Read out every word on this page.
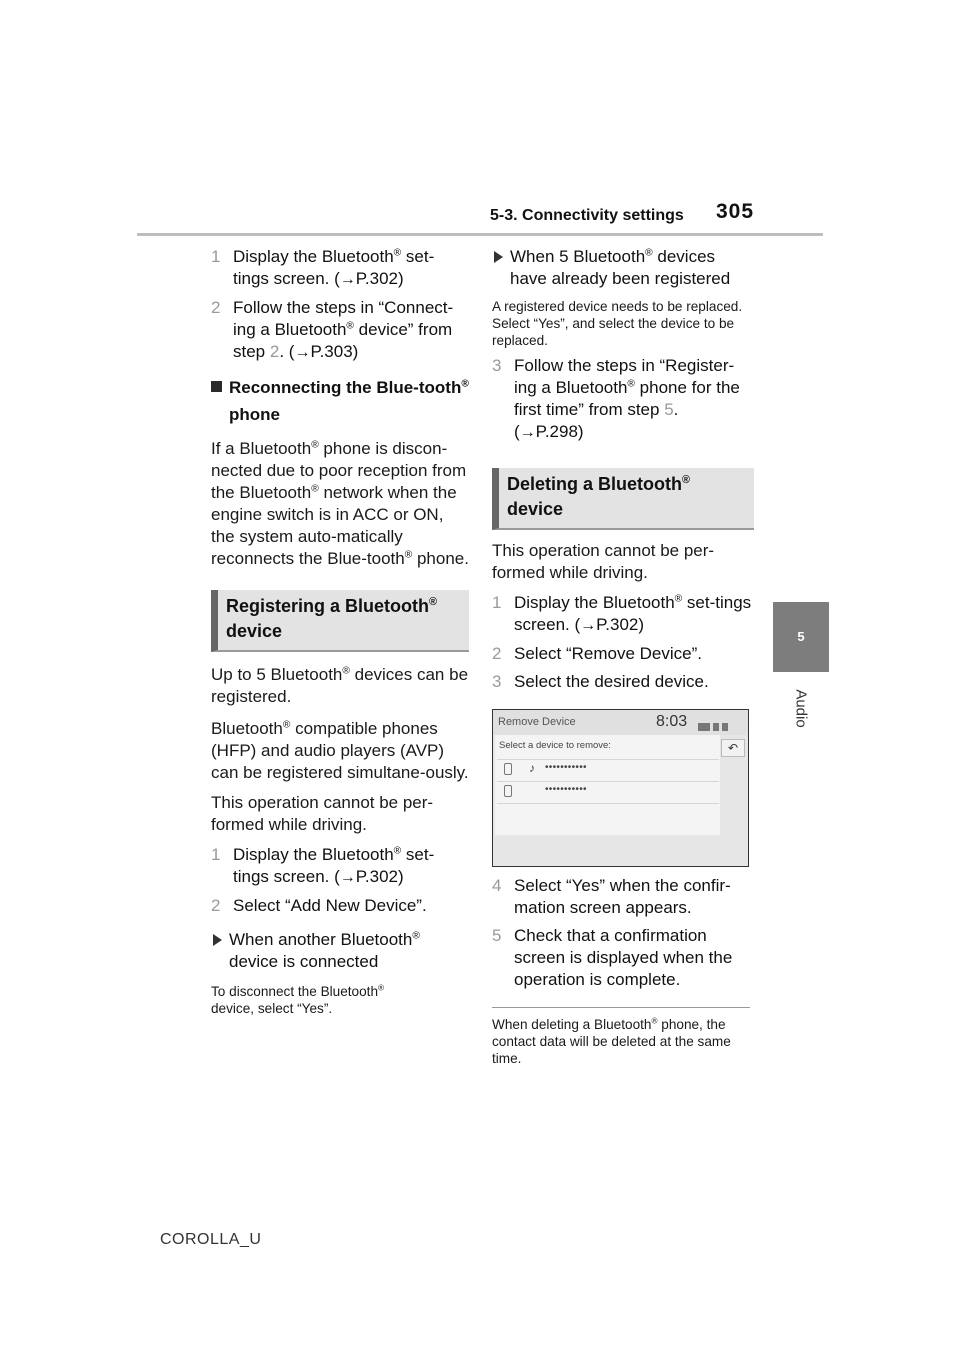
5-3. Connectivity settings 305
5
Audio
1 Display the Bluetooth® set-tings screen. (→P.302)
2 Follow the steps in “Connect-ing a Bluetooth® device” from step 2. (→P.303)
Reconnecting the Blue-tooth® phone
If a Bluetooth® phone is discon-nected due to poor reception from the Bluetooth® network when the engine switch is in ACC or ON, the system auto-matically reconnects the Blue-tooth® phone.
Registering a Bluetooth®
device
Up to 5 Bluetooth® devices can be registered.
Bluetooth® compatible phones (HFP) and audio players (AVP) can be registered simultane-ously.
This operation cannot be per-formed while driving.
1 Display the Bluetooth® set-tings screen. (→P.302)
2 Select “Add New Device”.
When another Bluetooth®
device is connected
To disconnect the Bluetooth®
device, select “Yes”.
When 5 Bluetooth® devices have already been registered
A registered device needs to be replaced. Select “Yes”, and select the device to be replaced.
3 Follow the steps in “Register-ing a Bluetooth® phone for the first time” from step 5.
(→P.298)
Deleting a Bluetooth®
device
This operation cannot be per-formed while driving.
1 Display the Bluetooth® set-tings screen. (→P.302)
2 Select “Remove Device”.
3 Select the desired device.
Remove Device	8:03
Select a device to remove:	↶
♪ •••••••••••
•••••••••••
4 Select “Yes” when the confir-mation screen appears.
5 Check that a confirmation screen is displayed when the operation is complete.
When deleting a Bluetooth® phone, the contact data will be deleted at the same time.
COROLLA_U
